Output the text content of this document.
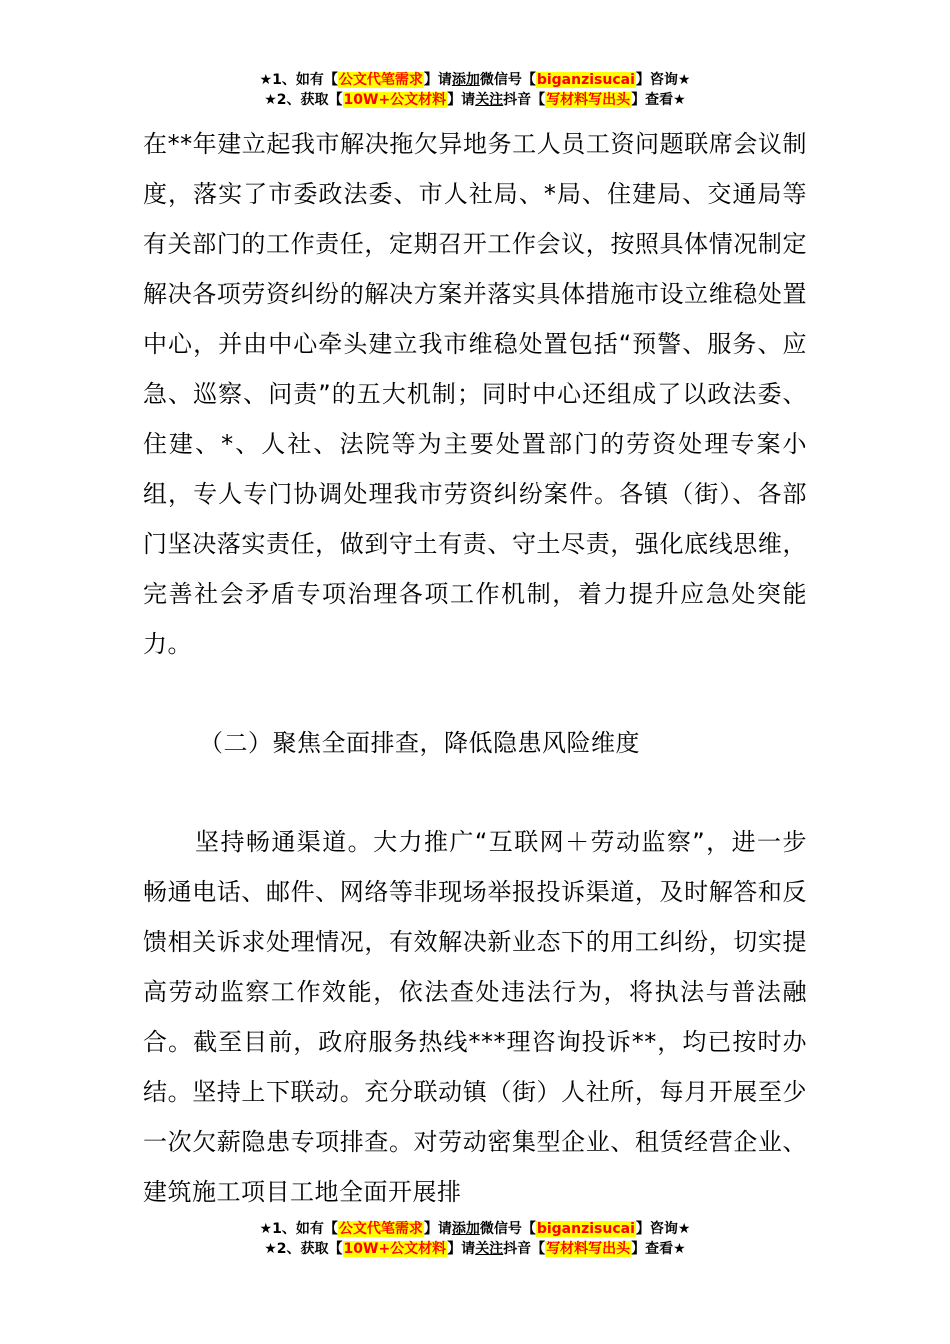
★1、如有【公文代笔需求】请添加微信号【biganzisucai】咨询★
★2、获取【10W+公文材料】请关注抖音【写材料写出头】查看★

在**年建立起我市解决拖欠异地务工人员工资问题联席会议制度，落实了市委政法委、市人社局、*局、住建局、交通局等有关部门的工作责任，定期召开工作会议，按照具体情况制定解决各项劳资纠纷的解决方案并落实具体措施市设立维稳处置中心，并由中心牵头建立我市维稳处置包括“预警、服务、应急、巡察、问责”的五大机制；同时中心还组成了以政法委、住建、*、人社、法院等为主要处置部门的劳资处理专案小组，专人专门协调处理我市劳资纠纷案件。各镇（街）、各部门坚决落实责任，做到守土有责、守土尽责，强化底线思维，完善社会矛盾专项治理各项工作机制，着力提升应急处突能力。

（二）聚焦全面排查，降低隐患风险维度

坚持畅通渠道。大力推广“互联网＋劳动监察”，进一步畅通电话、邮件、网络等非现场举报投诉渠道，及时解答和反馈相关诉求处理情况，有效解决新业态下的用工纠纷，切实提高劳动监察工作效能，依法查处违法行为，将执法与普法融合。截至目前，政府服务热线***理咨询投诉**，均已按时办结。坚持上下联动。充分联动镇（街）人社所，每月开展至少一次欠薪隐患专项排查。对劳动密集型企业、租赁经营企业、建筑施工项目工地全面开展排

★1、如有【公文代笔需求】请添加微信号【biganzisucai】咨询★
★2、获取【10W+公文材料】请关注抖音【写材料写出头】查看★
